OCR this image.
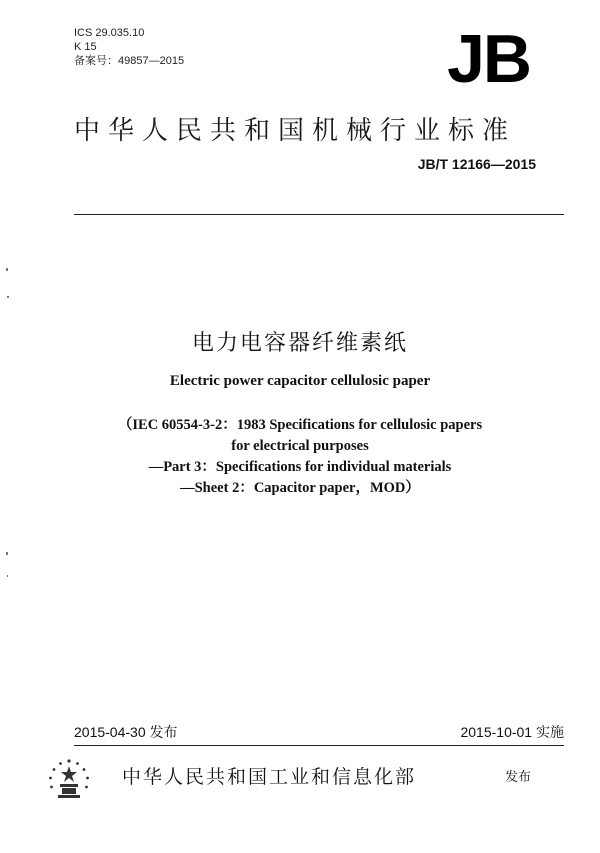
ICS 29.035.10
K 15
备案号：49857—2015	JB
中华人民共和国机械行业标准
JB/T 12166—2015
电力电容器纤维素纸
Electric power capacitor cellulosic paper
（IEC 60554-3-2：1983 Specifications for cellulosic papers
for electrical purposes
—Part 3：Specifications for individual materials
—Sheet 2：Capacitor paper，MOD）
2015-04-30 发布	2015-10-01 实施
中华人民共和国工业和信息化部	发布
